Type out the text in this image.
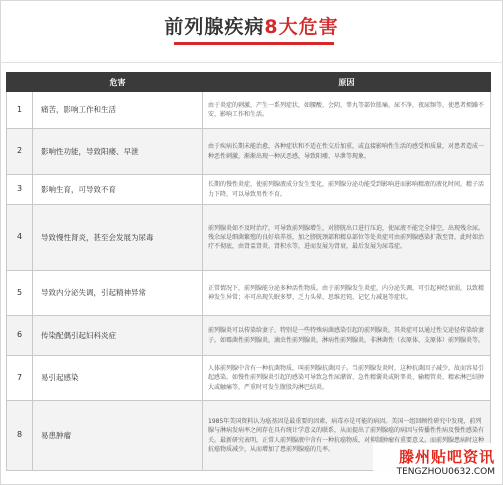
前列腺疾病8大危害
	危害	原因
1	痛苦，影响工作和生活	由于炎症的刺激，产生一系列症状，如腰酸、会阴、睾丸等部位胀痛，尿不净，夜尿频等，使患者烦躁不安，影响工作和生活。
2	影响性功能，导致阳痿、早泄	由于疾病长期未能治愈，各种症状和不适在性交后加重，或直接影响性生活的感受和质量，对患者造成一种恶性刺激，渐渐出现一种厌恶感，导致阳痿、早泄等现象。
3	影响生育，可导致不育	长期的慢性炎症，使前列腺液成分发生变化，前列腺分泌功能受到影响进而影响精液的液化时间，精子活力下降，可以导致男性不育。
4	导致慢性肾炎，甚至会发展为尿毒	前列腺炎如不及时治疗，可导致前列腺增生，对膀胱出口进行压迫，使尿液不能完全排空，出现残余尿。残余尿是细菌繁殖的良好培养基，加之膀胱颈部和精阜部位等处炎症可由前列腺感染扩散至肾，此时如治疗不彻底，由肾盂肾炎、肾积水等，进而发展为肾衰，最后发展为尿毒症。
5	导致内分泌失调，引起精神异常	正常情况下，前列腺能分泌多种活性物质。由于前列腺发生炎症，内分泌失调，可引起神经衰弱，以致精神发生异常；亦可出现失眠多梦、乏力头晕、思维迟钝、记忆力减退等症状。
6	传染配偶引起妇科炎症	前列腺炎可以传染给妻子，特别是一些特殊病菌感染引起的前列腺炎，其炎症可以通过性交途径传染给妻子。如霉菌性前列腺炎，滴虫性前列腺炎，淋病性前列腺炎，非淋菌性（衣原体、支原体）前列腺炎等。
7	易引起感染	人体前列腺中含有一种抗菌物质，叫前列腺抗菌因子。当前列腺发炎时，这种抗菌因子减少，故而容易引起感染。如慢性前列腺炎引起的感染可导致急性尿潴留、急性精囊炎或附睾炎、输精管炎、精索淋巴结肿大或触痛等，严重时可发生腹股沟淋巴结炎。
8	易患肿瘤	1985年美国资料认为癌基因是最重要的因素，病毒亦是可能的病因。美国一组回顾性研究中发现，前列腺与淋病发病率之间存在具有统计学意义的联系，从而提出了前列腺癌的病因与传播性性病及慢性感染有关。最新研究表明，正常人前列腺液中含有一种抗癌物质，对抑制肿瘤有重要意义。而前列腺患病时这种抗癌物质减少，从而增加了患前列腺癌的几率。	滕州贴吧资讯
TENGZHOU0632.COM
